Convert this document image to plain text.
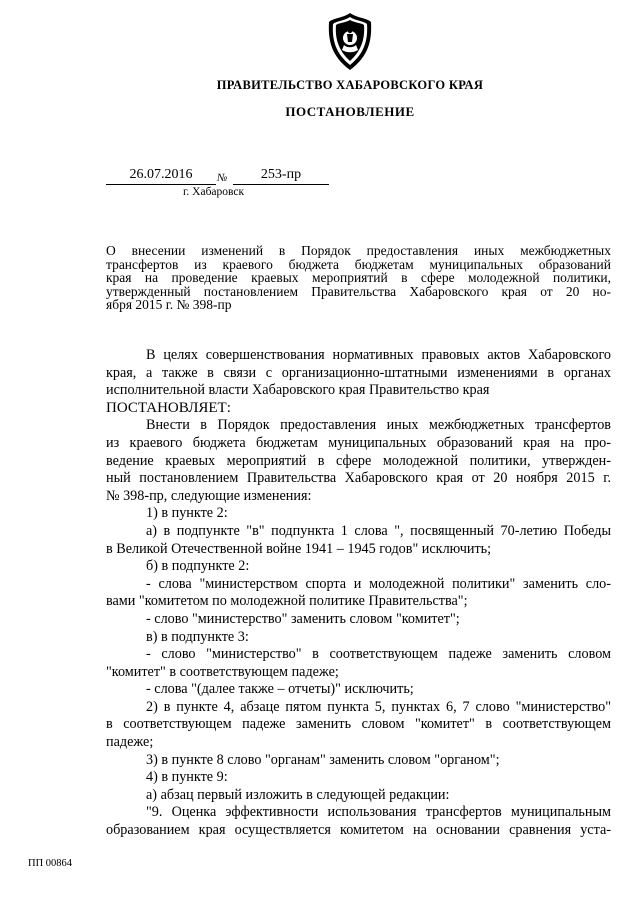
ПРАВИТЕЛЬСТВО ХАБАРОВСКОГО КРАЯ
ПОСТАНОВЛЕНИЕ
26.07.2016	№	253-пр
г. Хабаровск
О внесении изменений в Порядок предоставления иных межбюджетных
трансфертов из краевого бюджета бюджетам муниципальных образований
края на проведение краевых мероприятий в сфере молодежной политики,
утвержденный постановлением Правительства Хабаровского края от 20 но-
ября 2015 г. № 398-пр
В целях совершенствования нормативных правовых актов Хабаровского
края, а также в связи с организационно-штатными изменениями в органах
исполнительной власти Хабаровского края Правительство края
ПОСТАНОВЛЯЕТ:
Внести в Порядок предоставления иных межбюджетных трансфертов
из краевого бюджета бюджетам муниципальных образований края на про-
ведение краевых мероприятий в сфере молодежной политики, утвержден-
ный постановлением Правительства Хабаровского края от 20 ноября 2015 г.
№ 398-пр, следующие изменения:
1) в пункте 2:
а) в подпункте "в" подпункта 1 слова ", посвященный 70-летию Победы
в Великой Отечественной войне 1941 – 1945 годов" исключить;
б) в подпункте 2:
- слова "министерством спорта и молодежной политики" заменить сло-
вами "комитетом по молодежной политике Правительства";
- слово "министерство" заменить словом "комитет";
в) в подпункте 3:
- слово "министерство" в соответствующем падеже заменить словом
"комитет" в соответствующем падеже;
- слова "(далее также – отчеты)" исключить;
2) в пункте 4, абзаце пятом пункта 5, пунктах 6, 7 слово "министерство"
в соответствующем падеже заменить словом "комитет" в соответствующем
падеже;
3) в пункте 8 слово "органам" заменить словом "органом";
4) в пункте 9:
а) абзац первый изложить в следующей редакции:
"9. Оценка эффективности использования трансфертов муниципальным
образованием края осуществляется комитетом на основании сравнения уста-
ПП 00864
